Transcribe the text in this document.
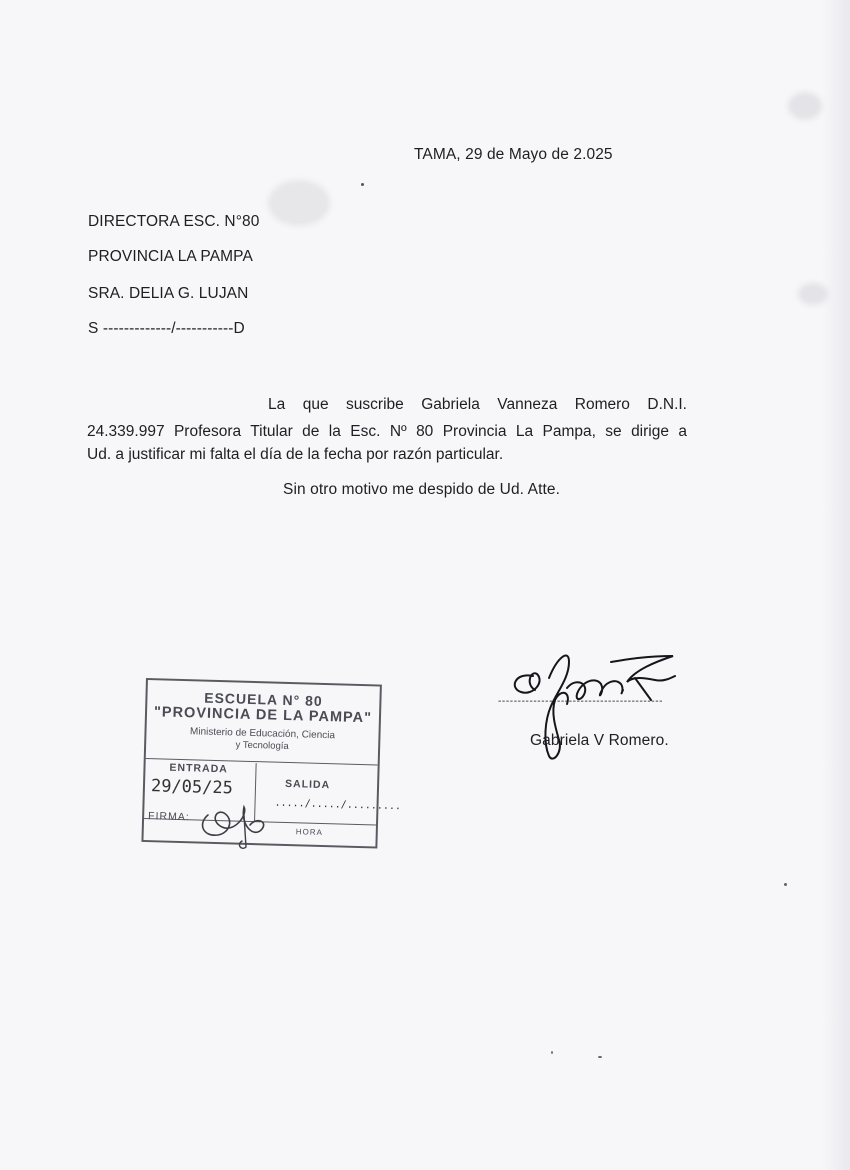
TAMA, 29 de Mayo de 2.025
DIRECTORA ESC. N°80
PROVINCIA LA PAMPA
SRA. DELIA G. LUJAN
S -------------/-----------D
La que suscribe Gabriela Vanneza Romero D.N.I.
24.339.997 Profesora Titular de la Esc. Nº 80 Provincia La Pampa, se dirige a
Ud. a justificar mi falta el día de la fecha por razón particular.
Sin otro motivo me despido de Ud. Atte.
ESCUELA N° 80
"PROVINCIA DE LA PAMPA"
Ministerio de Educación, Ciencia
y Tecnología
ENTRADA
SALIDA
29/05/25
...../...../.........
FIRMA:
HORA
------------------------------------------
Gabriela V Romero.
